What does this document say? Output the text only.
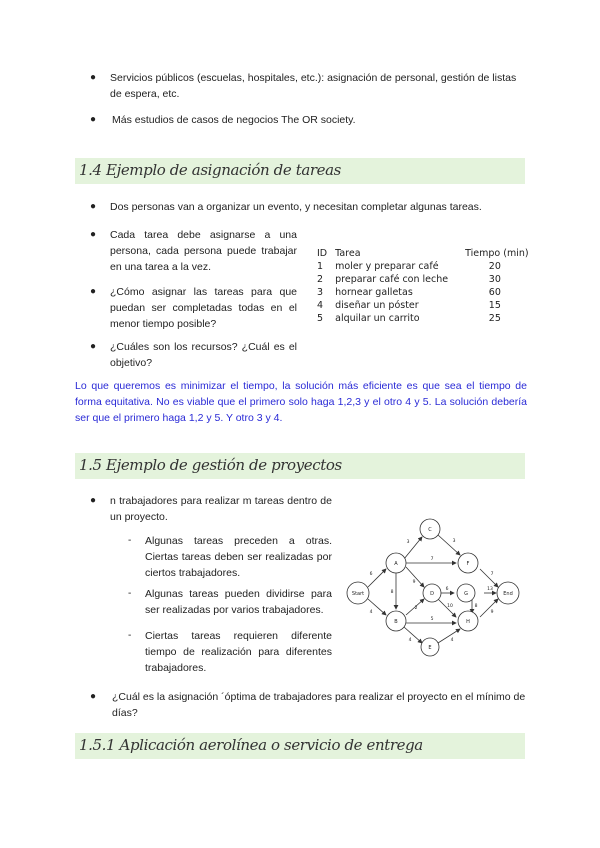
● Servicios públicos (escuelas, hospitales, etc.): asignación de personal, gestión de listas de espera, etc.
● Más estudios de casos de negocios The OR society.
1.4 Ejemplo de asignación de tareas
● Dos personas van a organizar un evento, y necesitan completar algunas tareas.
● Cada tarea debe asignarse a una persona, cada persona puede trabajar en una tarea a la vez.
● ¿Cómo asignar las tareas para que puedan ser completadas todas en el menor tiempo posible?
● ¿Cuáles son los recursos? ¿Cuál es el objetivo?
ID	Tarea	Tiempo (min)
1	moler y preparar café	20
2	preparar café con leche	30
3	hornear galletas	60
4	diseñar un póster	15
5	alquilar un carrito	25
Lo que queremos es minimizar el tiempo, la solución más eficiente es que sea el tiempo de forma equitativa. No es viable que el primero solo haga 1,2,3 y el otro 4 y 5. La solución debería ser que el primero haga 1,2 y 5. Y otro 3 y 4.
1.5 Ejemplo de gestión de proyectos
● n trabajadores para realizar m tareas dentro de un proyecto.
- Algunas tareas preceden a otras. Ciertas tareas deben ser realizadas por ciertos trabajadores.
- Algunas tareas pueden dividirse para ser realizadas por varios trabajadores.
- Ciertas tareas requieren diferente tiempo de realización para diferentes trabajadores.
Start
A
B
C
D
E
F
G
H
End
6
3
7
3
4
9
8
2
5
4
6
10	8
4
7
9
13
● ¿Cuál es la asignación ´óptima de trabajadores para realizar el proyecto en el mínimo de días?
1.5.1 Aplicación aerolínea o servicio de entrega
